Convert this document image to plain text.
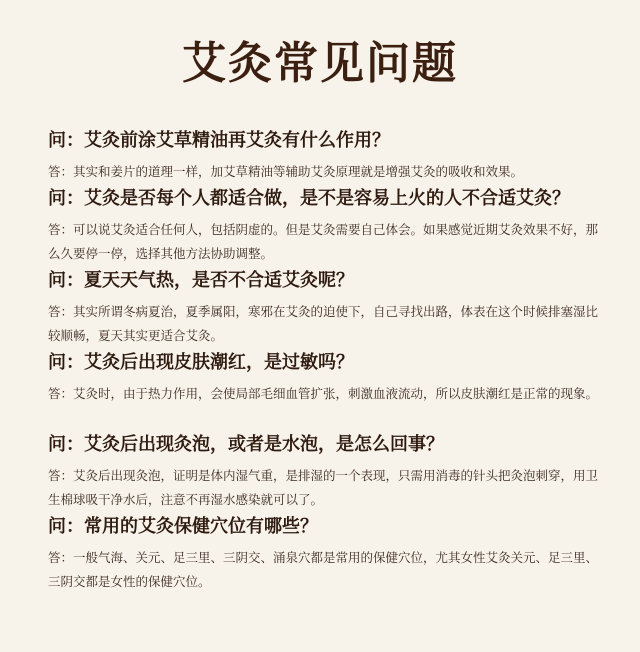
艾灸常见问题
问：艾灸前涂艾草精油再艾灸有什么作用？
答：其实和姜片的道理一样，加艾草精油等辅助艾灸原理就是增强艾灸的吸收和效果。
问：艾灸是否每个人都适合做，是不是容易上火的人不合适艾灸？
答：可以说艾灸适合任何人，包括阴虚的。但是艾灸需要自己体会。如果感觉近期艾灸效果不好，那么久要停一停，选择其他方法协助调整。
问：夏天天气热，是否不合适艾灸呢？
答：其实所谓冬病夏治，夏季属阳，寒邪在艾灸的迫使下，自己寻找出路，体表在这个时候排塞湿比较顺畅，夏天其实更适合艾灸。
问：艾灸后出现皮肤潮红，是过敏吗？
答：艾灸时，由于热力作用，会使局部毛细血管扩张，刺激血液流动，所以皮肤潮红是正常的现象。
问：艾灸后出现灸泡，或者是水泡，是怎么回事？
答：艾灸后出现灸泡，证明是体内湿气重，是排湿的一个表现，只需用消毒的针头把灸泡刺穿，用卫生棉球吸干净水后，注意不再湿水感染就可以了。
问：常用的艾灸保健穴位有哪些？
答：一般气海、关元、足三里、三阴交、涌泉穴都是常用的保健穴位，尤其女性艾灸关元、足三里、三阴交都是女性的保健穴位。
